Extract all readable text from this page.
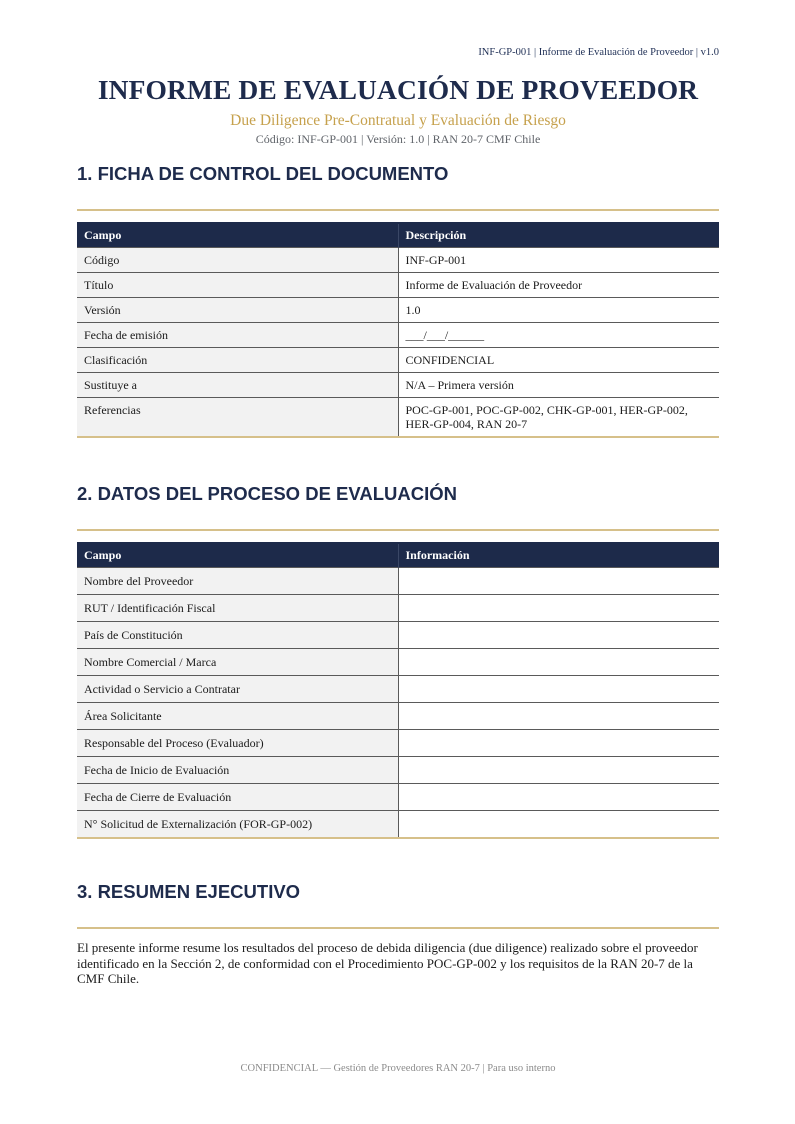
INF-GP-001 | Informe de Evaluación de Proveedor | v1.0
INFORME DE EVALUACIÓN DE PROVEEDOR
Due Diligence Pre-Contratual y Evaluación de Riesgo
Código: INF-GP-001 | Versión: 1.0 | RAN 20-7 CMF Chile
1. FICHA DE CONTROL DEL DOCUMENTO
Campo	Descripción
Código	INF-GP-001
Título	Informe de Evaluación de Proveedor
Versión	1.0
Fecha de emisión	___/___/______
Clasificación	CONFIDENCIAL
Sustituye a	N/A – Primera versión
Referencias	POC-GP-001, POC-GP-002, CHK-GP-001, HER-GP-002, HER-GP-004, RAN 20-7
2. DATOS DEL PROCESO DE EVALUACIÓN
Campo	Información
Nombre del Proveedor	
RUT / Identificación Fiscal	
País de Constitución	
Nombre Comercial / Marca	
Actividad o Servicio a Contratar	
Área Solicitante	
Responsable del Proceso (Evaluador)	
Fecha de Inicio de Evaluación	
Fecha de Cierre de Evaluación	
N° Solicitud de Externalización (FOR-GP-002)	
3. RESUMEN EJECUTIVO
El presente informe resume los resultados del proceso de debida diligencia (due diligence) realizado sobre el proveedor identificado en la Sección 2, de conformidad con el Procedimiento POC-GP-002 y los requisitos de la RAN 20-7 de la CMF Chile.
CONFIDENCIAL — Gestión de Proveedores RAN 20-7 | Para uso interno
